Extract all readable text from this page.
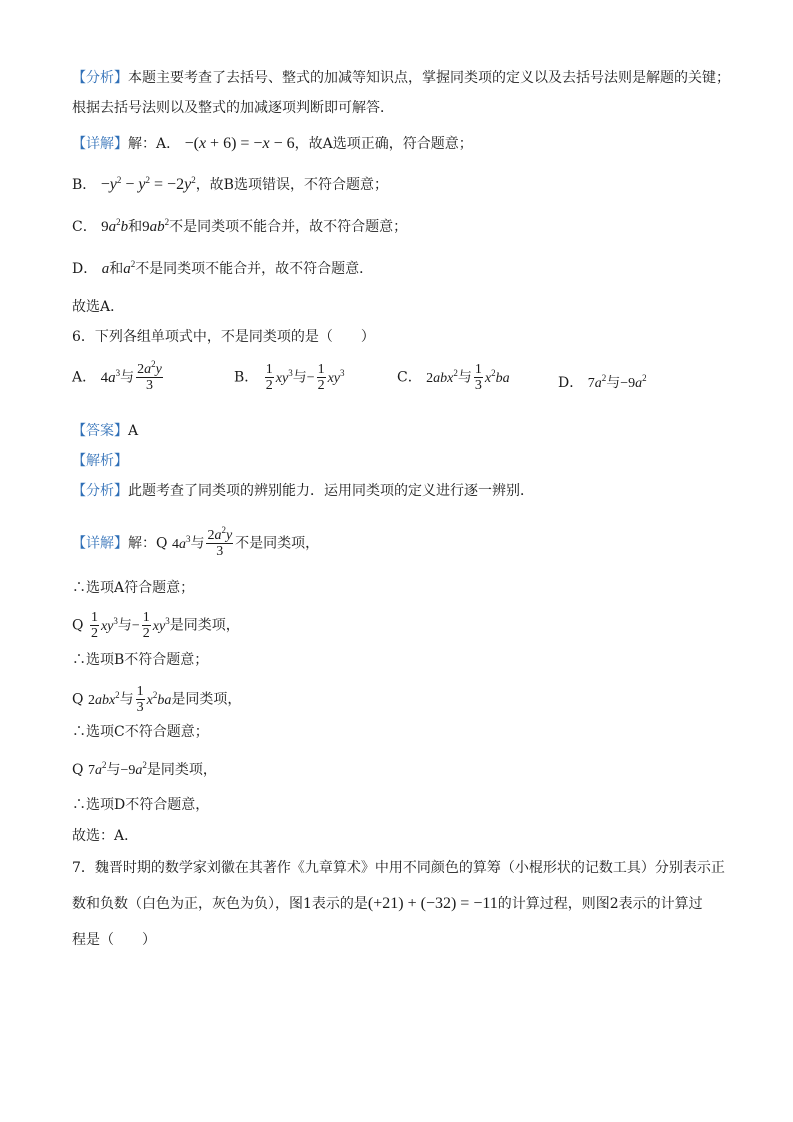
【分析】本题主要考查了去括号、整式的加减等知识点，掌握同类项的定义以及去括号法则是解题的关键；
根据去括号法则以及整式的加减逐项判断即可解答．
【详解】解：A． −(x + 6) = −x − 6，故A选项正确，符合题意；
B． $-y^2 - y^2 = -2y^2$，故B选项错误，不符合题意；
C． $9a^2b$和$9ab^2$不是同类项不能合并，故不符合题意；
D． a和$a^2$不是同类项不能合并，故不符合题意．
故选A．
6．下列各组单项式中，不是同类项的是（　　）
A． $4a^3$与 $\frac{2a^2y}{3}$	B． $\frac{1}{2} xy^3$与− $\frac{1}{2} xy^3$	C． 2abx$^2$与 $\frac{1}{3} x^2ba$	D． $7a^2$与$-9a^2$
【答案】A
【解析】
【分析】此题考查了同类项的辨别能力．运用同类项的定义进行逐一辨别．
【详解】解：Q $4a^3$与 $\frac{2a^2y}{3}$ 不是同类项，
∴选项A符合题意；
Q $\frac{1}{2} xy^3$与− $\frac{1}{2} xy^3$是同类项，
∴选项B不符合题意；
Q 2abx$^2$与 $\frac{1}{3} x^2ba$是同类项，
∴选项C不符合题意；
Q $7a^2$与$-9a^2$是同类项，
∴选项D不符合题意，
故选：A．
7．魏晋时期的数学家刘徽在其著作《九章算术》中用不同颜色的算筹（小棍形状的记数工具）分别表示正
数和负数（白色为正，灰色为负），图1表示的是(+21) + (−32) = −11的计算过程，则图2表示的计算过
程是（　　）
